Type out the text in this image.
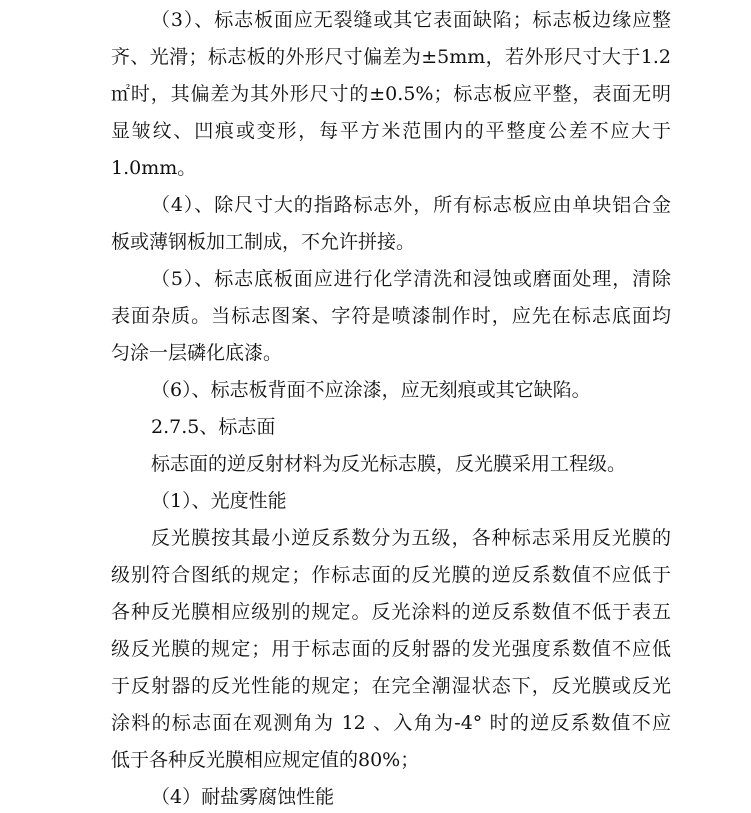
（3）、标志板面应无裂缝或其它表面缺陷；标志板边缘应整
齐、光滑；标志板的外形尺寸偏差为±5mm，若外形尺寸大于1.2
㎡时，其偏差为其外形尺寸的±0.5%；标志板应平整，表面无明
显皱纹、凹痕或变形，每平方米范围内的平整度公差不应大于
1.0mm。
（4）、除尺寸大的指路标志外，所有标志板应由单块铝合金
板或薄钢板加工制成，不允许拼接。
（5）、标志底板面应进行化学清洗和浸蚀或磨面处理，清除
表面杂质。当标志图案、字符是喷漆制作时，应先在标志底面均
匀涂一层磷化底漆。
（6）、标志板背面不应涂漆，应无刻痕或其它缺陷。
2.7.5、标志面
标志面的逆反射材料为反光标志膜，反光膜采用工程级。
（1）、光度性能
反光膜按其最小逆反系数分为五级，各种标志采用反光膜的
级别符合图纸的规定；作标志面的反光膜的逆反系数值不应低于
各种反光膜相应级别的规定。反光涂料的逆反系数值不低于表五
级反光膜的规定；用于标志面的反射器的发光强度系数值不应低
于反射器的反光性能的规定；在完全潮湿状态下，反光膜或反光
涂料的标志面在观测角为 12 、入角为-4° 时的逆反系数值不应
低于各种反光膜相应规定值的80%；
（4）耐盐雾腐蚀性能
